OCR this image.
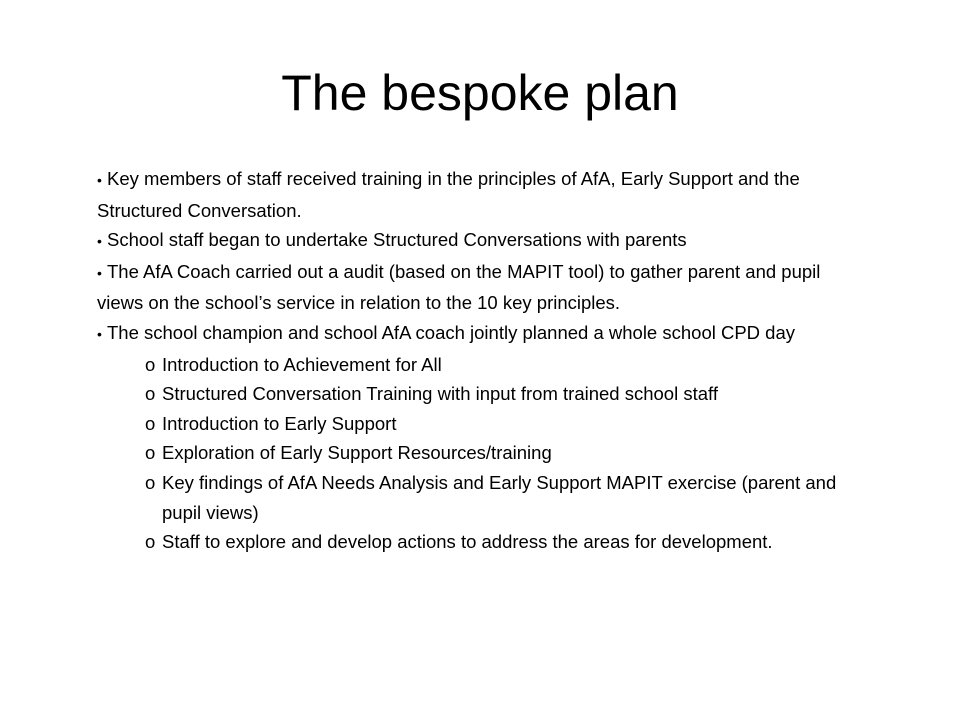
The bespoke plan
• Key members of staff received training in the principles of AfA, Early Support and the Structured Conversation.
• School staff began to undertake Structured Conversations with parents
• The AfA Coach carried out a audit (based on the MAPIT tool) to gather parent and pupil views on the school’s service in relation to the 10 key principles.
• The school champion and school AfA coach jointly planned a whole school CPD day
o Introduction to Achievement for All
o Structured Conversation Training with input from trained school staff
o Introduction to Early Support
o Exploration of Early Support Resources/training
o Key findings of AfA Needs Analysis and Early Support MAPIT exercise (parent and pupil views)
o Staff to explore and develop actions to address the areas for development.
